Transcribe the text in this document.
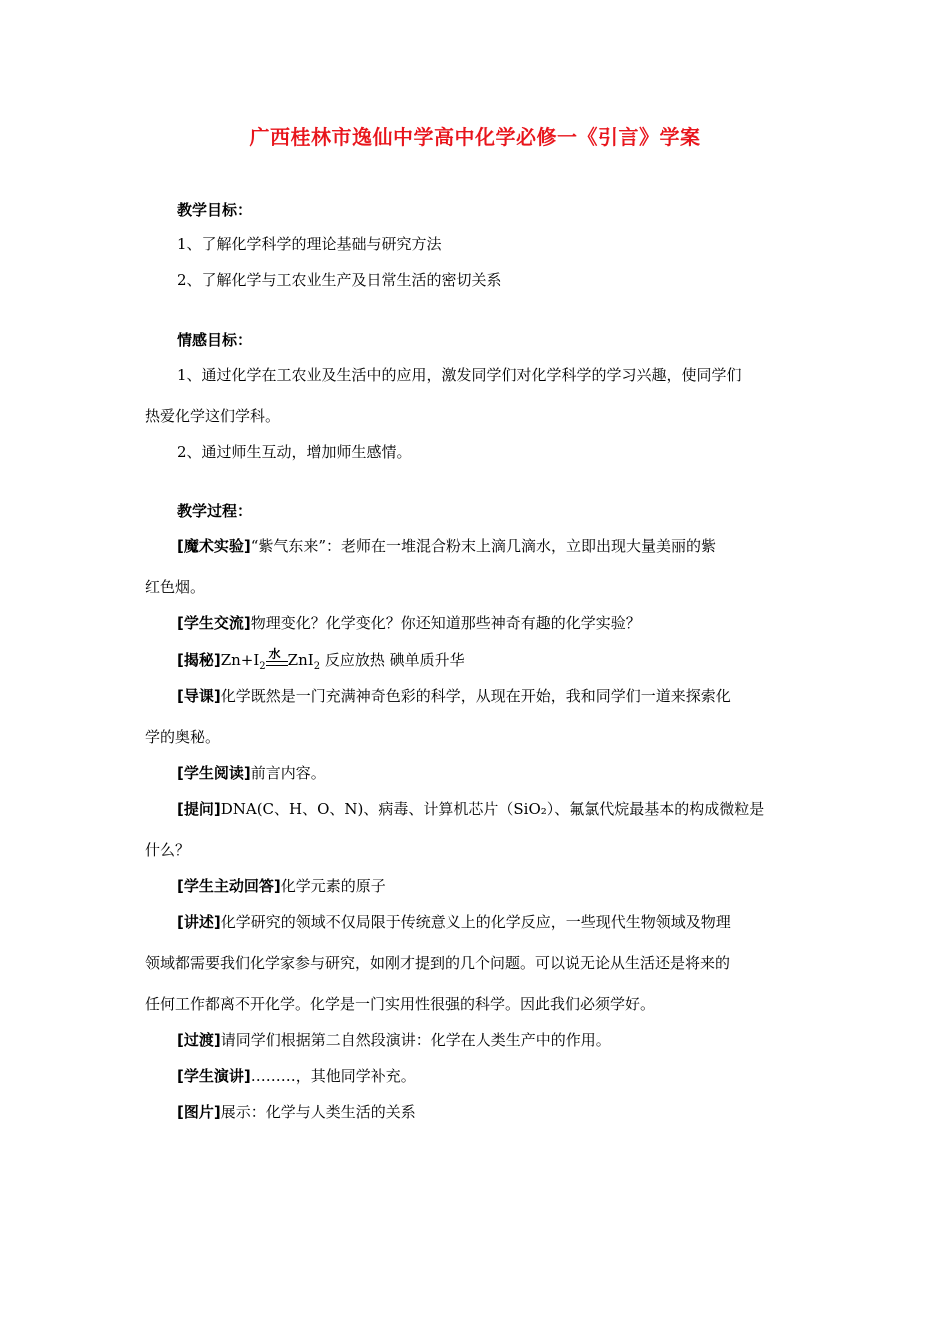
广西桂林市逸仙中学高中化学必修一《引言》学案
教学目标：
1、了解化学科学的理论基础与研究方法
2、了解化学与工农业生产及日常生活的密切关系
情感目标：
1、通过化学在工农业及生活中的应用，激发同学们对化学科学的学习兴趣，使同学们
热爱化学这们学科。
2、通过师生互动，增加师生感情。
教学过程：
[魔术实验]“紫气东来”：老师在一堆混合粉末上滴几滴水，立即出现大量美丽的紫
红色烟。
[学生交流]物理变化？化学变化？你还知道那些神奇有趣的化学实验？
[揭秘]$Zn+I_2$
水 ZnI$_2$ 反应放热 碘单质升华
[导课]化学既然是一门充满神奇色彩的科学，从现在开始，我和同学们一道来探索化
学的奥秘。
[学生阅读]前言内容。
[提问]DNA(C、H、O、N)、病毒、计算机芯片（SiO₂）、氟氯代烷最基本的构成微粒是
什么？
[学生主动回答]化学元素的原子
[讲述]化学研究的领域不仅局限于传统意义上的化学反应，一些现代生物领域及物理
领域都需要我们化学家参与研究，如刚才提到的几个问题。可以说无论从生活还是将来的
任何工作都离不开化学。化学是一门实用性很强的科学。因此我们必须学好。
[过渡]请同学们根据第二自然段演讲：化学在人类生产中的作用。
[学生演讲]………，其他同学补充。
[图片]展示：化学与人类生活的关系
